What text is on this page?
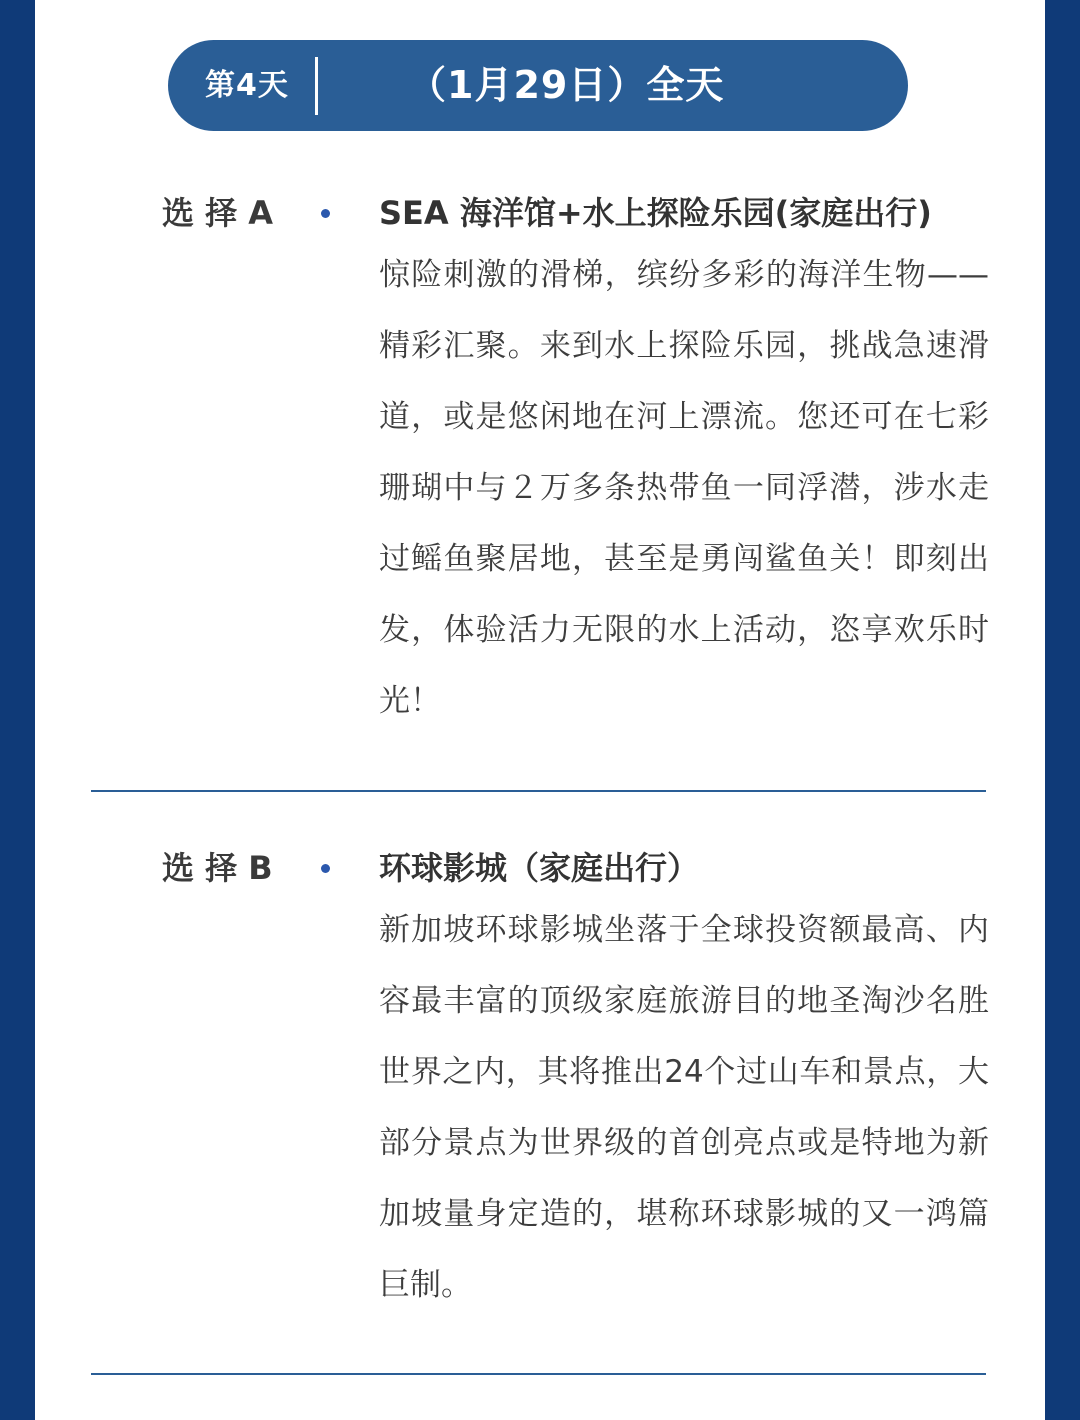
第4天	（1月29日）全天
选 择 A	SEA 海洋馆+水上探险乐园(家庭出行)

惊险刺激的滑梯，缤纷多彩的海洋生物——精彩汇聚。来到水上探险乐园，挑战急速滑道，或是悠闲地在河上漂流。您还可在七彩珊瑚中与２万多条热带鱼一同浮潜，涉水走过鳐鱼聚居地，甚至是勇闯鲨鱼关！即刻出发，体验活力无限的水上活动，恣享欢乐时光！

选 择 B	环球影城（家庭出行）

新加坡环球影城坐落于全球投资额最高、内容最丰富的顶级家庭旅游目的地圣淘沙名胜世界之内，其将推出24个过山车和景点，大部分景点为世界级的首创亮点或是特地为新加坡量身定造的，堪称环球影城的又一鸿篇巨制。
